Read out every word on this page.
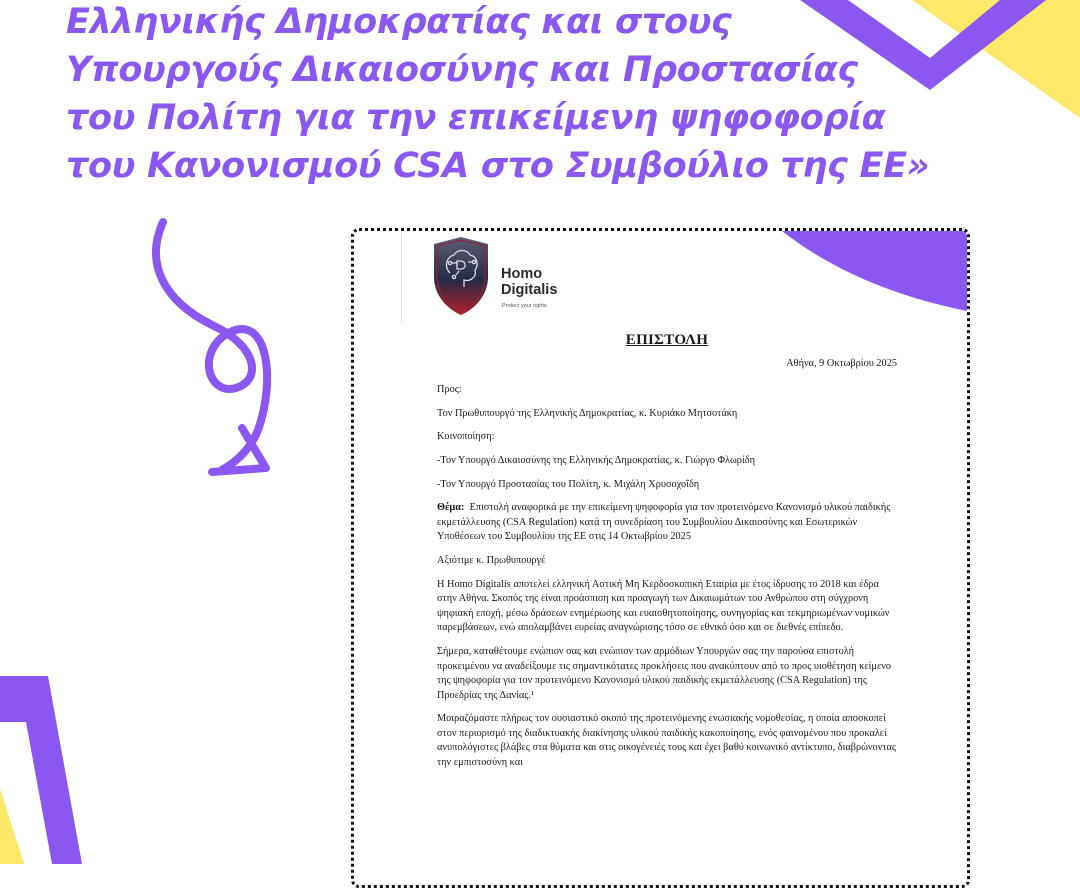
Ελληνικής Δημοκρατίας και στους
Υπουργούς Δικαιοσύνης και Προστασίας
του Πολίτη για την επικείμενη ψηφοφορία
του Κανονισμού CSA στο Συμβούλιο της ΕΕ»
Homo
Digitalis
Protect your rights

ΕΠΙΣΤΟΛΗ

Αθήνα, 9 Οκτωβρίου 2025

Προς:

Τον Πρωθυπουργό της Ελληνικής Δημοκρατίας, κ. Κυριάκο Μητσοτάκη

Κοινοποίηση:

-Τον Υπουργό Δικαιοσύνης της Ελληνικής Δημοκρατίας, κ. Γιώργο Φλωρίδη

-Τον Υπουργό Προστασίας του Πολίτη, κ. Μιχάλη Χρυσοχοΐδη

Θέμα: Επιστολή αναφορικά με την επικείμενη ψηφοφορία για τον προτεινόμενο Κανονισμό υλικού παιδικής εκμετάλλευσης (CSA Regulation) κατά τη συνεδρίαση του Συμβουλίου Δικαιοσύνης και Εσωτερικών Υποθέσεων του Συμβουλίου της ΕΕ στις 14 Οκτωβρίου 2025

Αξιότιμε κ. Πρωθυπουργέ

Η Homo Digitalis αποτελεί ελληνική Αστική Μη Κερδοσκοπική Εταιρία με έτος ίδρυσης το 2018 και έδρα στην Αθήνα. Σκοπός της είναι προάσπιση και προαγωγή των Δικαιωμάτων του Ανθρώπου στη σύγχρονη ψηφιακή εποχή, μέσω δράσεων ενημέρωσης και ευαισθητοποίησης, συνηγορίας και τεκμηριωμένων νομικών παρεμβάσεων, ενώ απολαμβάνει ευρείας αναγνώρισης τόσο σε εθνικό όσο και σε διεθνές επίπεδο.

Σήμερα, καταθέτουμε ενώπιον σας και ενώπιον των αρμόδιων Υπουργών σας την παρούσα επιστολή προκειμένου να αναδείξουμε τις σημαντικότατες προκλήσεις που ανακύπτουν από το προς υιοθέτηση κείμενο της ψηφοφορία για τον προτεινόμενο Κανονισμό υλικού παιδικής εκμετάλλευσης (CSA Regulation) της Προεδρίας της Δανίας.¹

Μοιραζόμαστε πλήρως τον ουσιαστικό σκοπό της προτεινόμενης ενωσιακής νομοθεσίας, η οποία αποσκοπεί στον περιορισμό της διαδικτυακής διακίνησης υλικού παιδικής κακοποίησης, ενός φαινομένου που προκαλεί ανυπολόγιστες βλάβες στα θύματα και στις οικογένειές τους και έχει βαθύ κοινωνικό αντίκτυπο, διαβρώνοντας την εμπιστοσύνη και
